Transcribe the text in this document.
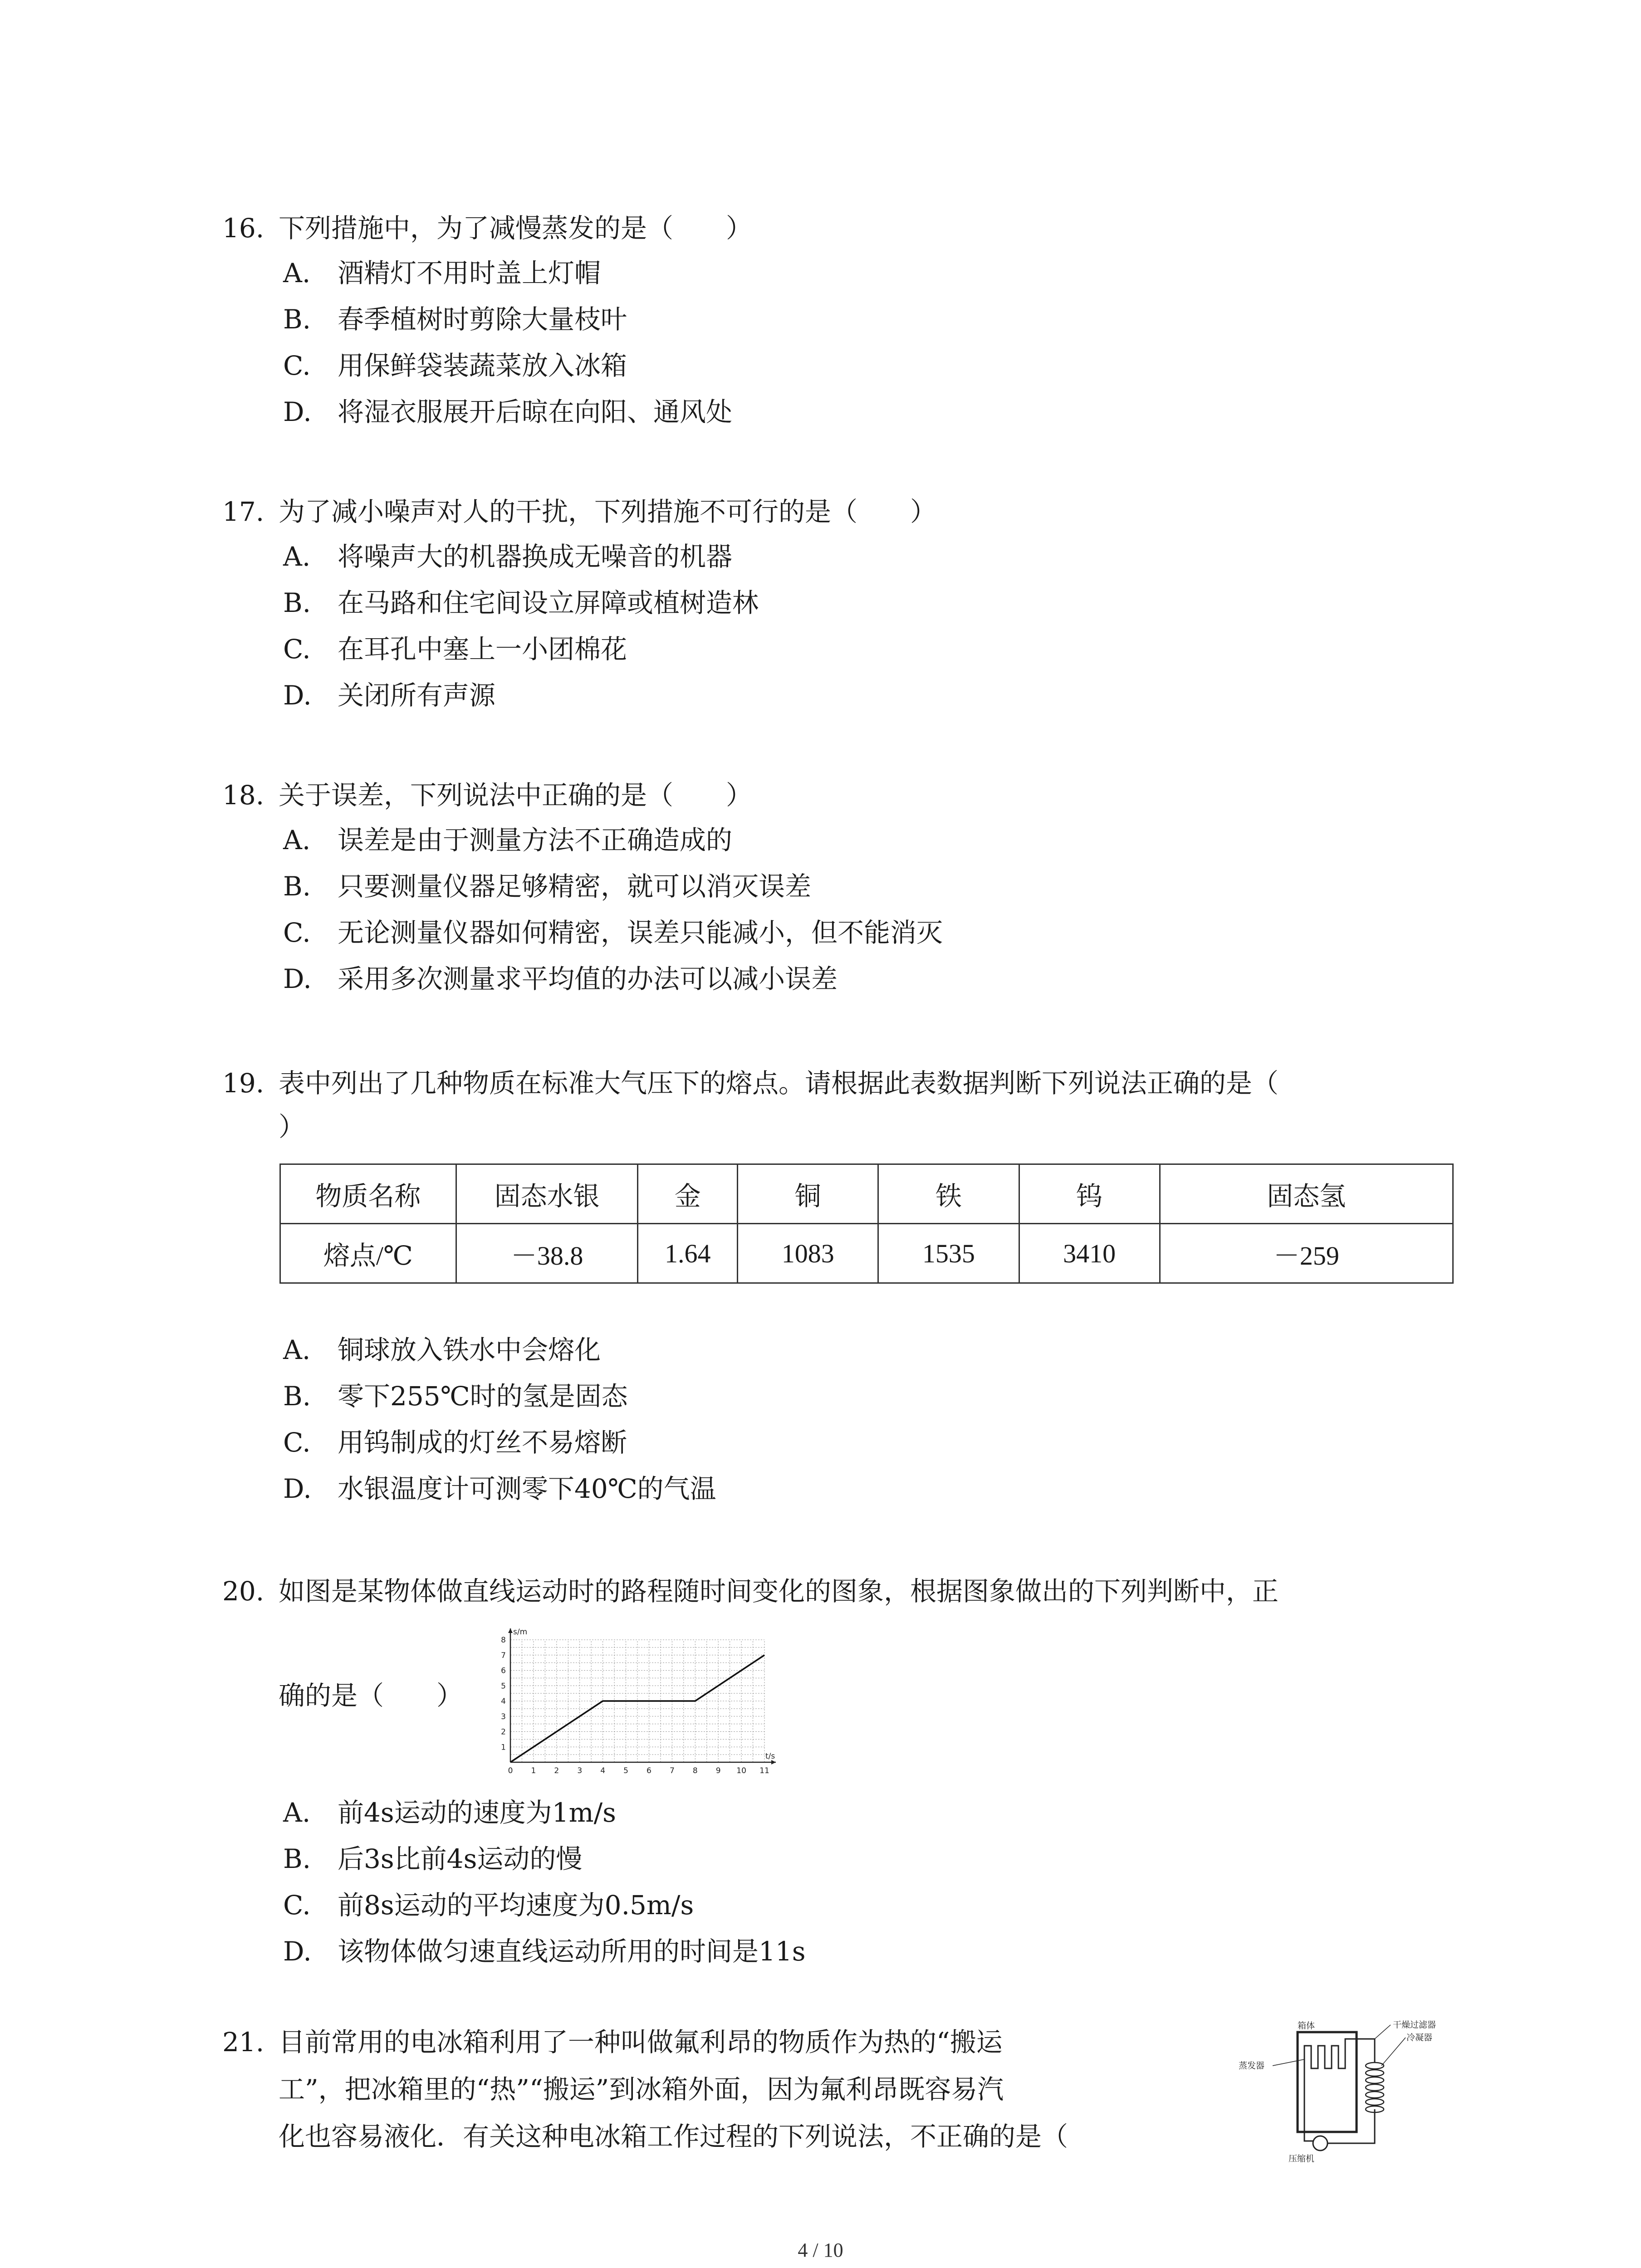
16. 下列措施中，为了减慢蒸发的是（　　）
A. 酒精灯不用时盖上灯帽
B. 春季植树时剪除大量枝叶
C. 用保鲜袋装蔬菜放入冰箱
D. 将湿衣服展开后晾在向阳、通风处
17. 为了减小噪声对人的干扰，下列措施不可行的是（　　）
A. 将噪声大的机器换成无噪音的机器
B. 在马路和住宅间设立屏障或植树造林
C. 在耳孔中塞上一小团棉花
D. 关闭所有声源
18. 关于误差，下列说法中正确的是（　　）
A. 误差是由于测量方法不正确造成的
B. 只要测量仪器足够精密，就可以消灭误差
C. 无论测量仪器如何精密，误差只能减小，但不能消灭
D. 采用多次测量求平均值的办法可以减小误差
19. 表中列出了几种物质在标准大气压下的熔点。请根据此表数据判断下列说法正确的是（
）
物质名称	固态水银	金	铜	铁	钨	固态氢
熔点/℃	－38.8	1.64	1083	1535	3410	－259
A. 铜球放入铁水中会熔化
B. 零下255℃时的氢是固态
C. 用钨制成的灯丝不易熔断
D. 水银温度计可测零下40℃的气温
20. 如图是某物体做直线运动时的路程随时间变化的图象，根据图象做出的下列判断中，正
确的是（　　）
0 1 2 3 4 5 6 7 8 9 10 11
1
2
3
4
5
6
7
8
t/s
s/m
A. 前4s运动的速度为1m/s
B. 后3s比前4s运动的慢
C. 前8s运动的平均速度为0.5m/s
D. 该物体做匀速直线运动所用的时间是11s
21. 目前常用的电冰箱利用了一种叫做氟利昂的物质作为热的“搬运
工”，把冰箱里的“热”“搬运”到冰箱外面，因为氟利昂既容易汽
化也容易液化．有关这种电冰箱工作过程的下列说法，不正确的是（
箱体
蒸发器
干燥过滤器
冷凝器
压缩机
4 / 10
